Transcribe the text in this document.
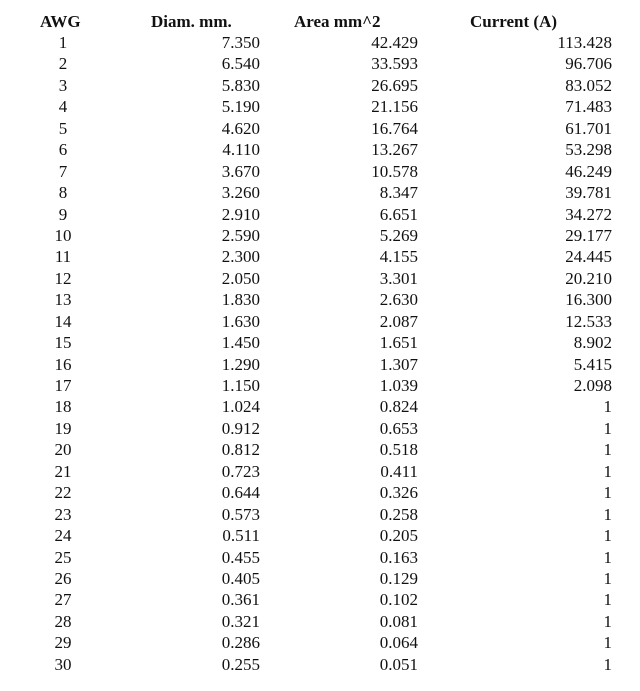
AWG	Diam. mm.	Area mm^2	Current (A)
1	7.350	42.429	113.428
2	6.540	33.593	96.706
3	5.830	26.695	83.052
4	5.190	21.156	71.483
5	4.620	16.764	61.701
6	4.110	13.267	53.298
7	3.670	10.578	46.249
8	3.260	8.347	39.781
9	2.910	6.651	34.272
10	2.590	5.269	29.177
11	2.300	4.155	24.445
12	2.050	3.301	20.210
13	1.830	2.630	16.300
14	1.630	2.087	12.533
15	1.450	1.651	8.902
16	1.290	1.307	5.415
17	1.150	1.039	2.098
18	1.024	0.824	1
19	0.912	0.653	1
20	0.812	0.518	1
21	0.723	0.411	1
22	0.644	0.326	1
23	0.573	0.258	1
24	0.511	0.205	1
25	0.455	0.163	1
26	0.405	0.129	1
27	0.361	0.102	1
28	0.321	0.081	1
29	0.286	0.064	1
30	0.255	0.051	1
